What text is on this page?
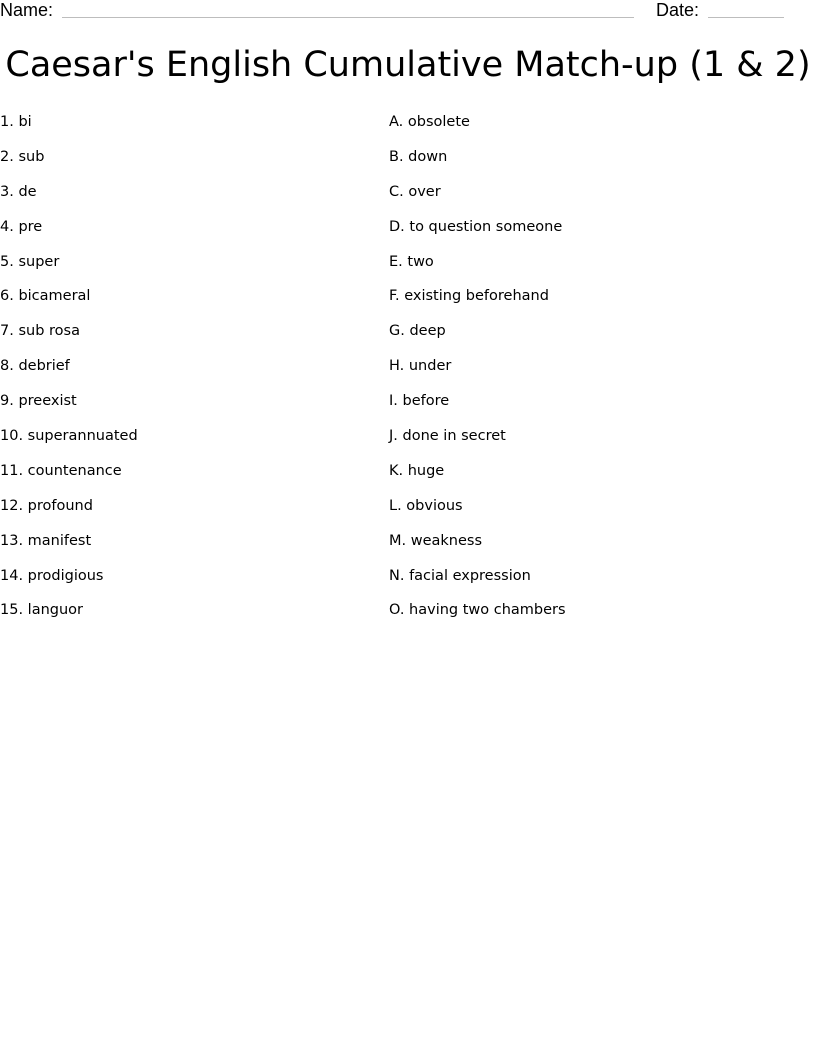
Name:	Date:
Caesar's English Cumulative Match-up (1 & 2)
1. bi
2. sub
3. de
4. pre
5. super
6. bicameral
7. sub rosa
8. debrief
9. preexist
10. superannuated
11. countenance
12. profound
13. manifest
14. prodigious
15. languor
A. obsolete
B. down
C. over
D. to question someone
E. two
F. existing beforehand
G. deep
H. under
I. before
J. done in secret
K. huge
L. obvious
M. weakness
N. facial expression
O. having two chambers
